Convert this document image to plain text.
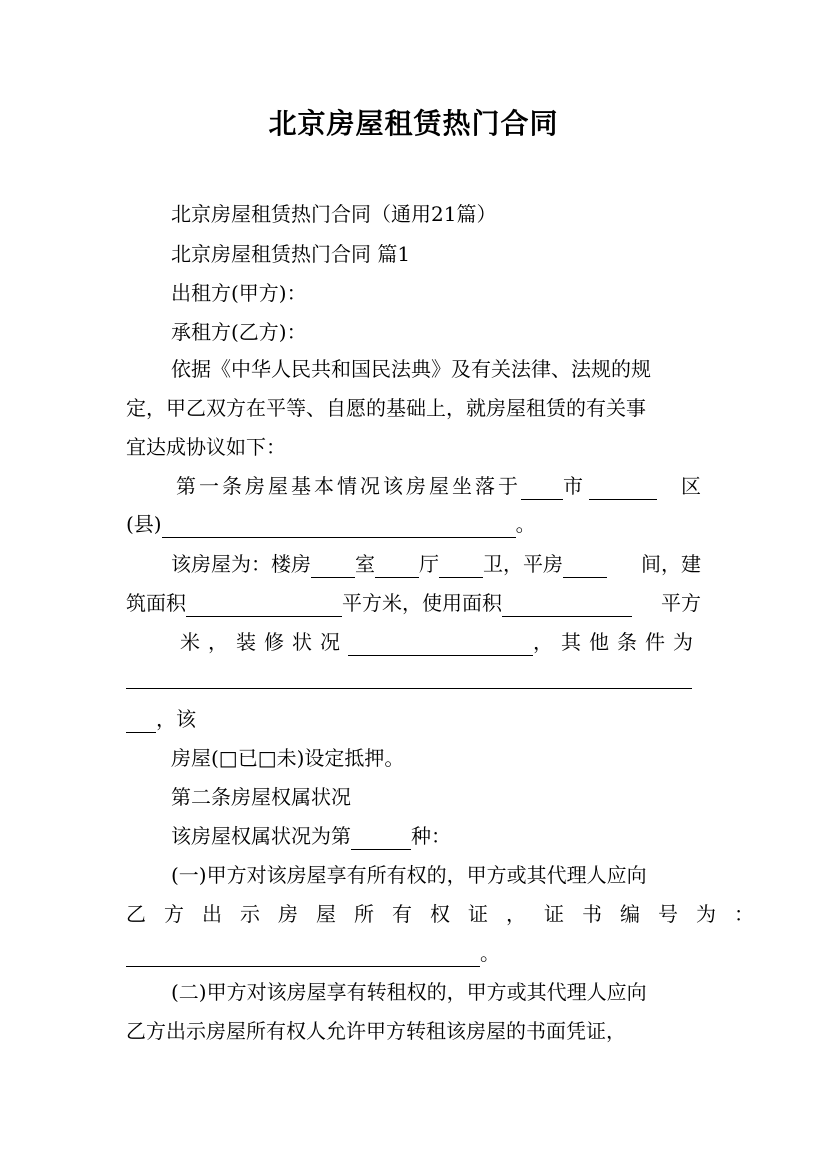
北京房屋租赁热门合同
北京房屋租赁热门合同（通用21篇）
北京房屋租赁热门合同 篇1
出租方(甲方)：
承租方(乙方)：
依据《中华人民共和国民法典》及有关法律、法规的规
定，甲乙双方在平等、自愿的基础上，就房屋租赁的有关事
宜达成协议如下：
第一条房屋基本情况该房屋坐落于 市	区
(县)	。
该房屋为：楼房 室 厅 卫，平房	间，建
筑面积	平方米，使用面积	平方
米，装修状况	，其他条件为
，该
房屋(□已□未)设定抵押。
第二条房屋权属状况
该房屋权属状况为第	种：
(一)甲方对该房屋享有所有权的，甲方或其代理人应向
乙方出示房屋所有权证，证书编号为：
。
(二)甲方对该房屋享有转租权的，甲方或其代理人应向
乙方出示房屋所有权人允许甲方转租该房屋的书面凭证，
